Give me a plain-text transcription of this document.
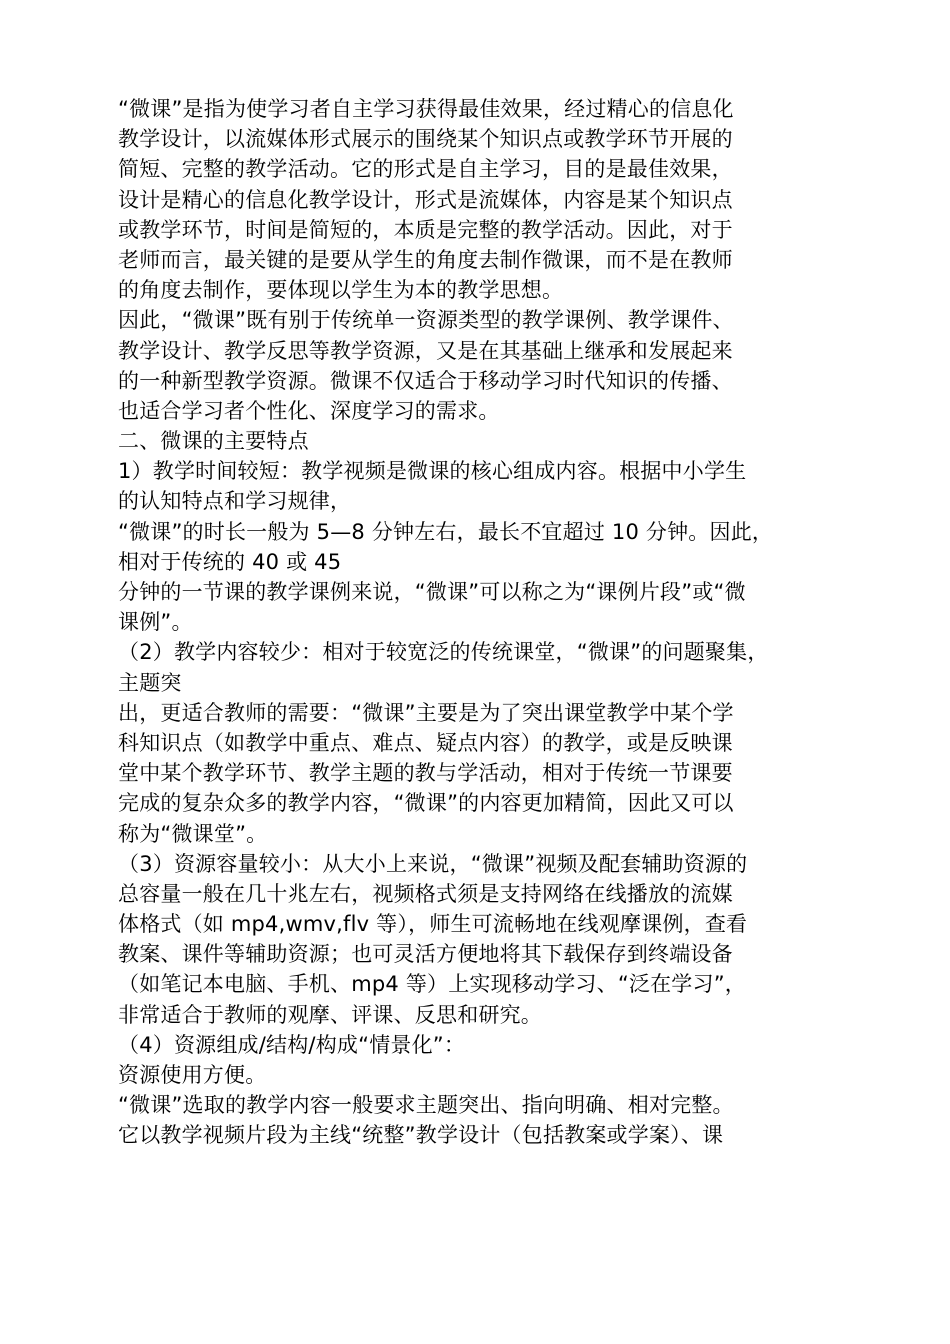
“微课”是指为使学习者自主学习获得最佳效果，经过精心的信息化
教学设计，以流媒体形式展示的围绕某个知识点或教学环节开展的
简短、完整的教学活动。它的形式是自主学习，目的是最佳效果，
设计是精心的信息化教学设计，形式是流媒体，内容是某个知识点
或教学环节，时间是简短的，本质是完整的教学活动。因此，对于
老师而言，最关键的是要从学生的角度去制作微课，而不是在教师
的角度去制作，要体现以学生为本的教学思想。
因此，“微课”既有别于传统单一资源类型的教学课例、教学课件、
教学设计、教学反思等教学资源，又是在其基础上继承和发展起来
的一种新型教学资源。微课不仅适合于移动学习时代知识的传播、
也适合学习者个性化、深度学习的需求。
二、微课的主要特点
1）教学时间较短：教学视频是微课的核心组成内容。根据中小学生
的认知特点和学习规律，
“微课”的时长一般为 5—8 分钟左右，最长不宜超过 10 分钟。因此，
相对于传统的 40 或 45
分钟的一节课的教学课例来说，“微课”可以称之为“课例片段”或“微
课例”。
（2）教学内容较少：相对于较宽泛的传统课堂，“微课”的问题聚集，
主题突
出，更适合教师的需要：“微课”主要是为了突出课堂教学中某个学
科知识点（如教学中重点、难点、疑点内容）的教学，或是反映课
堂中某个教学环节、教学主题的教与学活动，相对于传统一节课要
完成的复杂众多的教学内容，“微课”的内容更加精简，因此又可以
称为“微课堂”。
（3）资源容量较小：从大小上来说，“微课”视频及配套辅助资源的
总容量一般在几十兆左右，视频格式须是支持网络在线播放的流媒
体格式（如 mp4,wmv,flv 等），师生可流畅地在线观摩课例，查看
教案、课件等辅助资源；也可灵活方便地将其下载保存到终端设备
（如笔记本电脑、手机、mp4 等）上实现移动学习、“泛在学习”，
非常适合于教师的观摩、评课、反思和研究。
（4）资源组成/结构/构成“情景化”：
资源使用方便。
“微课”选取的教学内容一般要求主题突出、指向明确、相对完整。
它以教学视频片段为主线“统整”教学设计（包括教案或学案）、课
